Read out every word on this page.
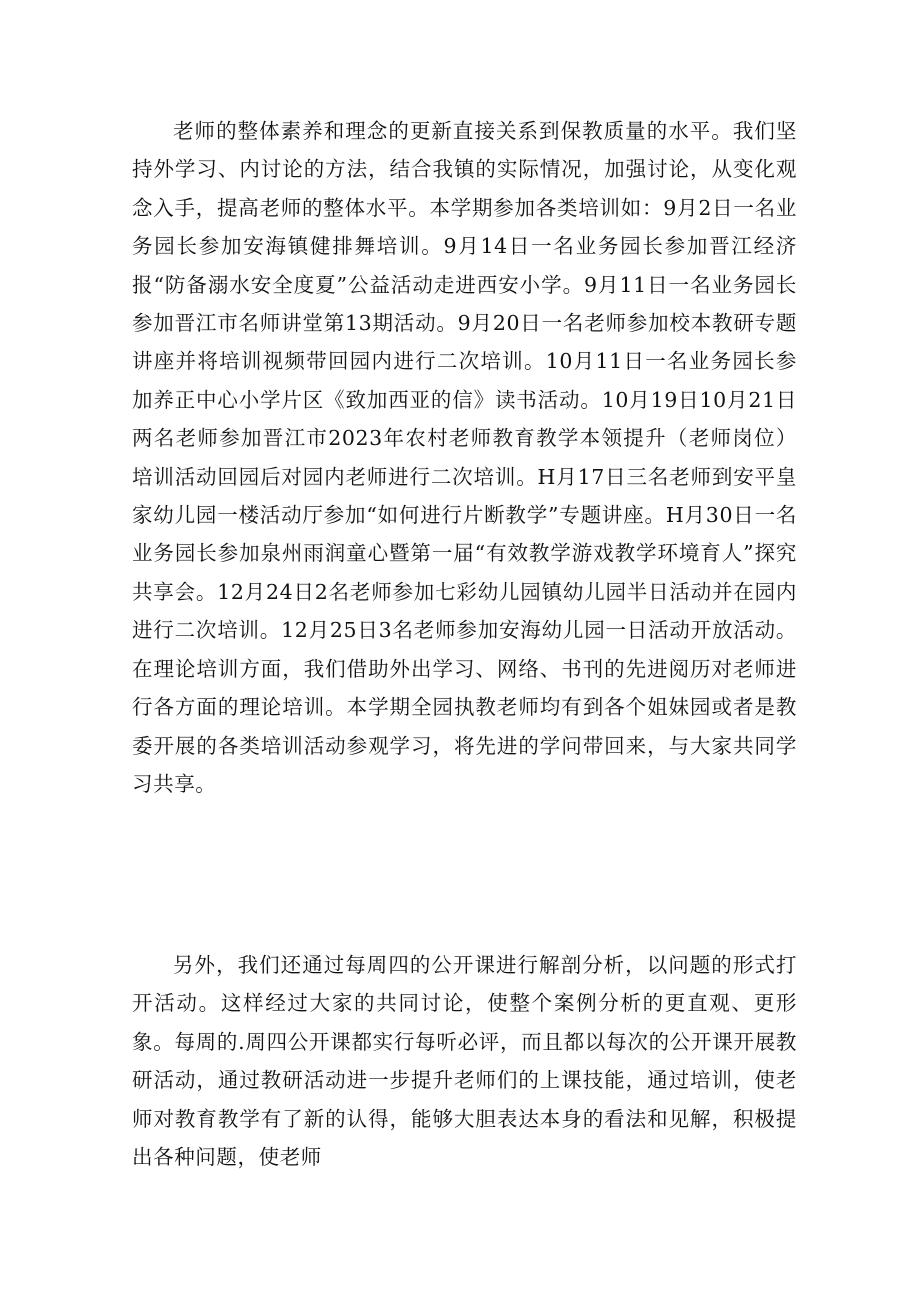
老师的整体素养和理念的更新直接关系到保教质量的水平。我们坚持外学习、内讨论的方法，结合我镇的实际情况，加强讨论，从变化观念入手，提高老师的整体水平。本学期参加各类培训如：9月2日一名业务园长参加安海镇健排舞培训。9月14日一名业务园长参加晋江经济报“防备溺水安全度夏”公益活动走进西安小学。9月11日一名业务园长参加晋江市名师讲堂第13期活动。9月20日一名老师参加校本教研专题讲座并将培训视频带回园内进行二次培训。10月11日一名业务园长参加养正中心小学片区《致加西亚的信》读书活动。10月19日10月21日两名老师参加晋江市2023年农村老师教育教学本领提升（老师岗位）培训活动回园后对园内老师进行二次培训。H月17日三名老师到安平皇家幼儿园一楼活动厅参加“如何进行片断教学”专题讲座。H月30日一名业务园长参加泉州雨润童心暨第一届“有效教学游戏教学环境育人”探究共享会。12月24日2名老师参加七彩幼儿园镇幼儿园半日活动并在园内进行二次培训。12月25日3名老师参加安海幼儿园一日活动开放活动。在理论培训方面，我们借助外出学习、网络、书刊的先进阅历对老师进行各方面的理论培训。本学期全园执教老师均有到各个姐妹园或者是教委开展的各类培训活动参观学习，将先进的学问带回来，与大家共同学习共享。

另外，我们还通过每周四的公开课进行解剖分析，以问题的形式打开活动。这样经过大家的共同讨论，使整个案例分析的更直观、更形象。每周的.周四公开课都实行每听必评，而且都以每次的公开课开展教研活动，通过教研活动进一步提升老师们的上课技能，通过培训，使老师对教育教学有了新的认得，能够大胆表达本身的看法和见解，积极提出各种问题，使老师
